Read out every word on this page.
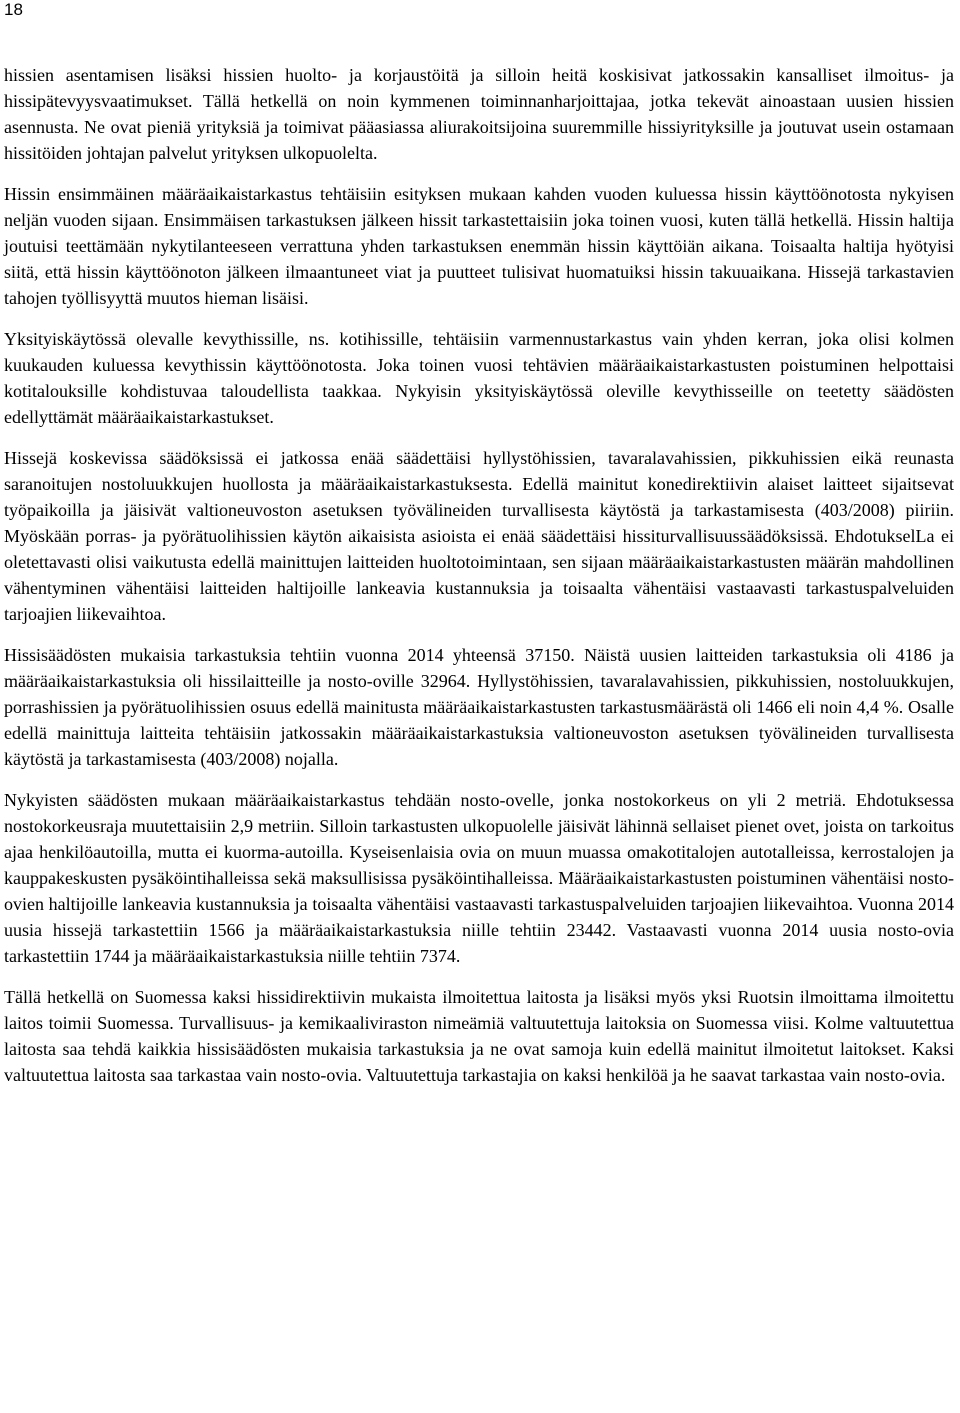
18

hissien asentamisen lisäksi hissien huolto- ja korjaustöitä ja silloin heitä koskisivat jatkossakin kansalliset ilmoitus- ja hissipätevyysvaatimukset. Tällä hetkellä on noin kymmenen toiminnanharjoittajaa, jotka tekevät ainoastaan uusien hissien asennusta. Ne ovat pieniä yrityksiä ja toimivat pääasiassa aliurakoitsijoina suuremmille hissiyrityksille ja joutuvat usein ostamaan hissitöiden johtajan palvelut yrityksen ulkopuolelta.

Hissin ensimmäinen määräaikaistarkastus tehtäisiin esityksen mukaan kahden vuoden kuluessa hissin käyttöönotosta nykyisen neljän vuoden sijaan. Ensimmäisen tarkastuksen jälkeen hissit tarkastettaisiin joka toinen vuosi, kuten tällä hetkellä. Hissin haltija joutuisi teettämään nykytilanteeseen verrattuna yhden tarkastuksen enemmän hissin käyttöiän aikana. Toisaalta haltija hyötyisi siitä, että hissin käyttöönoton jälkeen ilmaantuneet viat ja puutteet tulisivat huomatuiksi hissin takuuaikana. Hissejä tarkastavien tahojen työllisyyttä muutos hieman lisäisi.

Yksityiskäytössä olevalle kevythissille, ns. kotihissille, tehtäisiin varmennustarkastus vain yhden kerran, joka olisi kolmen kuukauden kuluessa kevythissin käyttöönotosta. Joka toinen vuosi tehtävien määräaikaistarkastusten poistuminen helpottaisi kotitalouksille kohdistuvaa taloudellista taakkaa. Nykyisin yksityiskäytössä oleville kevythisseille on teetetty säädösten edellyttämät määräaikaistarkastukset.

Hissejä koskevissa säädöksissä ei jatkossa enää säädettäisi hyllystöhissien, tavaralavahissien, pikkuhissien eikä reunasta saranoitujen nostoluukkujen huollosta ja määräaikaistarkastuksesta. Edellä mainitut konedirektiivin alaiset laitteet sijaitsevat työpaikoilla ja jäisivät valtioneuvoston asetuksen työvälineiden turvallisesta käytöstä ja tarkastamisesta (403/2008) piiriin. Myöskään porras- ja pyörätuolihissien käytön aikaisista asioista ei enää säädettäisi hissiturvallisuussäädöksissä. EhdotukselLa ei oletettavasti olisi vaikutusta edellä mainittujen laitteiden huoltotoimintaan, sen sijaan määräaikaistarkastusten määrän mahdollinen vähentyminen vähentäisi laitteiden haltijoille lankeavia kustannuksia ja toisaalta vähentäisi vastaavasti tarkastuspalveluiden tarjoajien liikevaihtoa.

Hissisäädösten mukaisia tarkastuksia tehtiin vuonna 2014 yhteensä 37150. Näistä uusien laitteiden tarkastuksia oli 4186 ja määräaikaistarkastuksia oli hissilaitteille ja nosto-oville 32964. Hyllystöhissien, tavaralavahissien, pikkuhissien, nostoluukkujen, porrashissien ja pyörätuolihissien osuus edellä mainitusta määräaikaistarkastusten tarkastusmäärästä oli 1466 eli noin 4,4 %. Osalle edellä mainittuja laitteita tehtäisiin jatkossakin määräaikaistarkastuksia valtioneuvoston asetuksen työvälineiden turvallisesta käytöstä ja tarkastamisesta (403/2008) nojalla.

Nykyisten säädösten mukaan määräaikaistarkastus tehdään nosto-ovelle, jonka nostokorkeus on yli 2 metriä. Ehdotuksessa nostokorkeusraja muutettaisiin 2,9 metriin. Silloin tarkastusten ulkopuolelle jäisivät lähinnä sellaiset pienet ovet, joista on tarkoitus ajaa henkilöautoilla, mutta ei kuorma-autoilla. Kyseisenlaisia ovia on muun muassa omakotitalojen autotalleissa, kerrostalojen ja kauppakeskusten pysäköintihalleissa sekä maksullisissa pysäköintihalleissa. Määräaikaistarkastusten poistuminen vähentäisi nosto-ovien haltijoille lankeavia kustannuksia ja toisaalta vähentäisi vastaavasti tarkastuspalveluiden tarjoajien liikevaihtoa. Vuonna 2014 uusia hissejä tarkastettiin 1566 ja määräaikaistarkastuksia niille tehtiin 23442. Vastaavasti vuonna 2014 uusia nosto-ovia tarkastettiin 1744 ja määräaikaistarkastuksia niille tehtiin 7374.

Tällä hetkellä on Suomessa kaksi hissidirektiivin mukaista ilmoitettua laitosta ja lisäksi myös yksi Ruotsin ilmoittama ilmoitettu laitos toimii Suomessa. Turvallisuus- ja kemikaaliviraston nimeämiä valtuutettuja laitoksia on Suomessa viisi. Kolme valtuutettua laitosta saa tehdä kaikkia hissisäädösten mukaisia tarkastuksia ja ne ovat samoja kuin edellä mainitut ilmoitetut laitokset. Kaksi valtuutettua laitosta saa tarkastaa vain nosto-ovia. Valtuutettuja tarkastajia on kaksi henkilöä ja he saavat tarkastaa vain nosto-ovia.
